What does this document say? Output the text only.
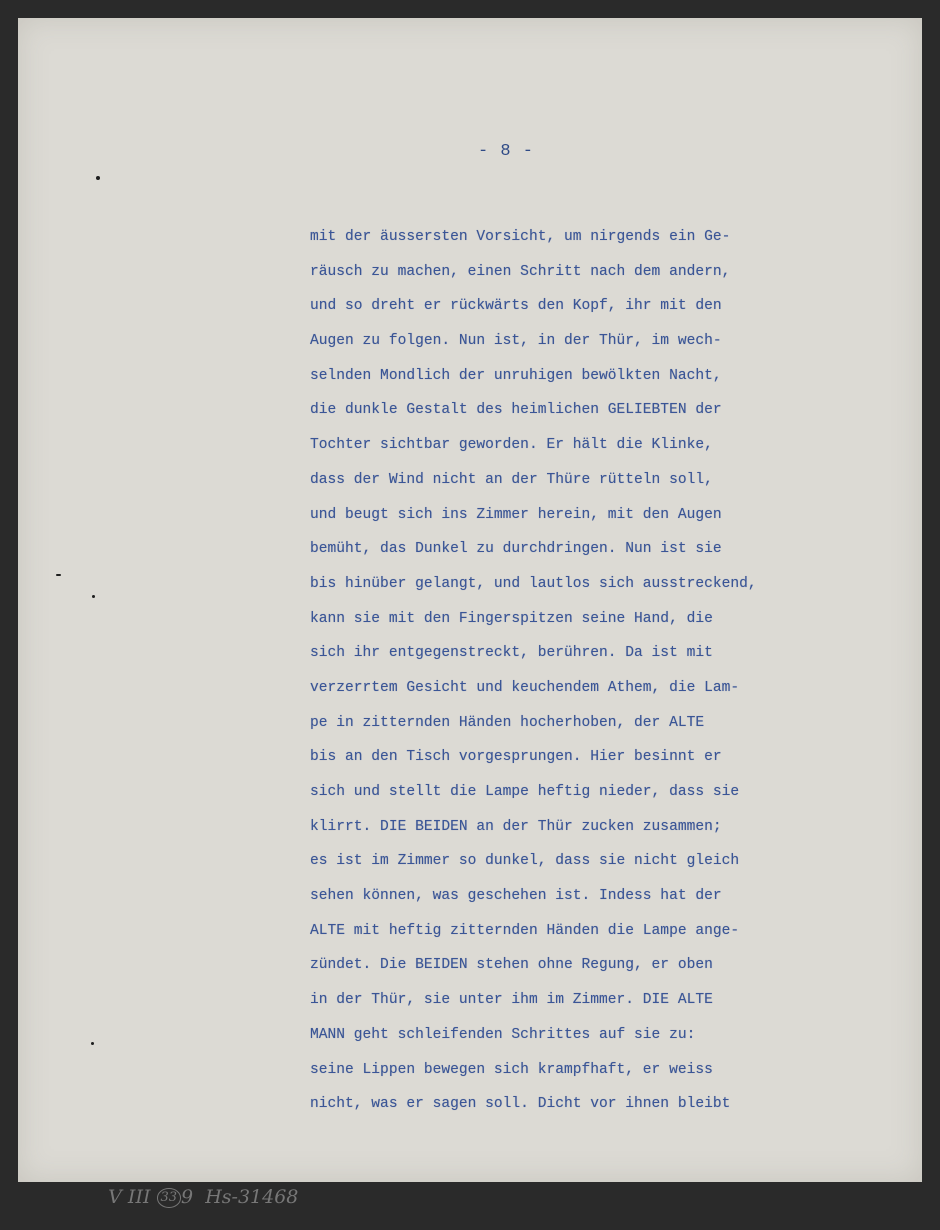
- 8 -
mit der äussersten Vorsicht, um nirgends ein Ge-
räusch zu machen, einen Schritt nach dem andern,
und so dreht er rückwärts den Kopf, ihr mit den
Augen zu folgen. Nun ist, in der Thür, im wech-
selnden Mondlich der unruhigen bewölkten Nacht,
die dunkle Gestalt des heimlichen GELIEBTEN der
Tochter sichtbar geworden. Er hält die Klinke,
dass der Wind nicht an der Thüre rütteln soll,
und beugt sich ins Zimmer herein, mit den Augen
bemüht, das Dunkel zu durchdringen. Nun ist sie
bis hinüber gelangt, und lautlos sich ausstreckend,
kann sie mit den Fingerspitzen seine Hand, die
sich ihr entgegenstreckt, berühren. Da ist mit
verzerrtem Gesicht und keuchendem Athem, die Lam-
pe in zitternden Händen hocherhoben, der ALTE
bis an den Tisch vorgesprungen. Hier besinnt er
sich und stellt die Lampe heftig nieder, dass sie
klirrt. DIE BEIDEN an der Thür zucken zusammen;
es ist im Zimmer so dunkel, dass sie nicht gleich
sehen können, was geschehen ist. Indess hat der
ALTE mit heftig zitternden Händen die Lampe ange-
zündet. Die BEIDEN stehen ohne Regung, er oben
in der Thür, sie unter ihm im Zimmer. DIE ALTE
MANN geht schleifenden Schrittes auf sie zu:
seine Lippen bewegen sich krampfhaft, er weiss
nicht, was er sagen soll. Dicht vor ihnen bleibt

V III 33 9  Hs-31468
